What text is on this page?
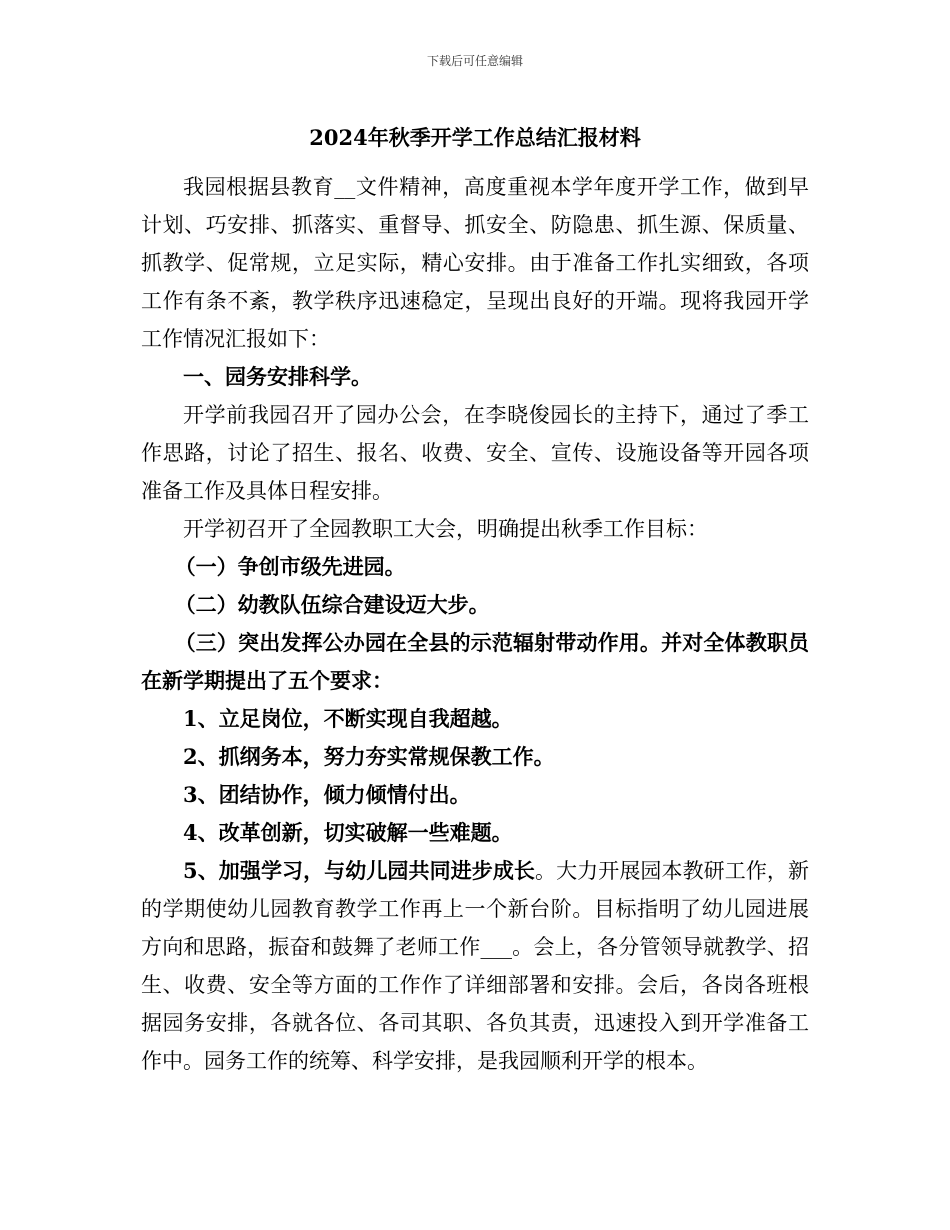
下载后可任意编辑
2024年秋季开学工作总结汇报材料

我园根据县教育__文件精神，高度重视本学年度开学工作，做到早计划、巧安排、抓落实、重督导、抓安全、防隐患、抓生源、保质量、抓教学、促常规，立足实际，精心安排。由于准备工作扎实细致，各项工作有条不紊，教学秩序迅速稳定，呈现出良好的开端。现将我园开学工作情况汇报如下：

一、园务安排科学。

开学前我园召开了园办公会，在李晓俊园长的主持下，通过了季工作思路，讨论了招生、报名、收费、安全、宣传、设施设备等开园各项准备工作及具体日程安排。

开学初召开了全园教职工大会，明确提出秋季工作目标：

（一）争创市级先进园。

（二）幼教队伍综合建设迈大步。

（三）突出发挥公办园在全县的示范辐射带动作用。并对全体教职员在新学期提出了五个要求：

1、立足岗位，不断实现自我超越。

2、抓纲务本，努力夯实常规保教工作。

3、团结协作，倾力倾情付出。

4、改革创新，切实破解一些难题。

5、加强学习，与幼儿园共同进步成长。大力开展园本教研工作，新的学期使幼儿园教育教学工作再上一个新台阶。目标指明了幼儿园进展方向和思路，振奋和鼓舞了老师工作___。会上，各分管领导就教学、招生、收费、安全等方面的工作作了详细部署和安排。会后，各岗各班根据园务安排，各就各位、各司其职、各负其责，迅速投入到开学准备工作中。园务工作的统筹、科学安排，是我园顺利开学的根本。
